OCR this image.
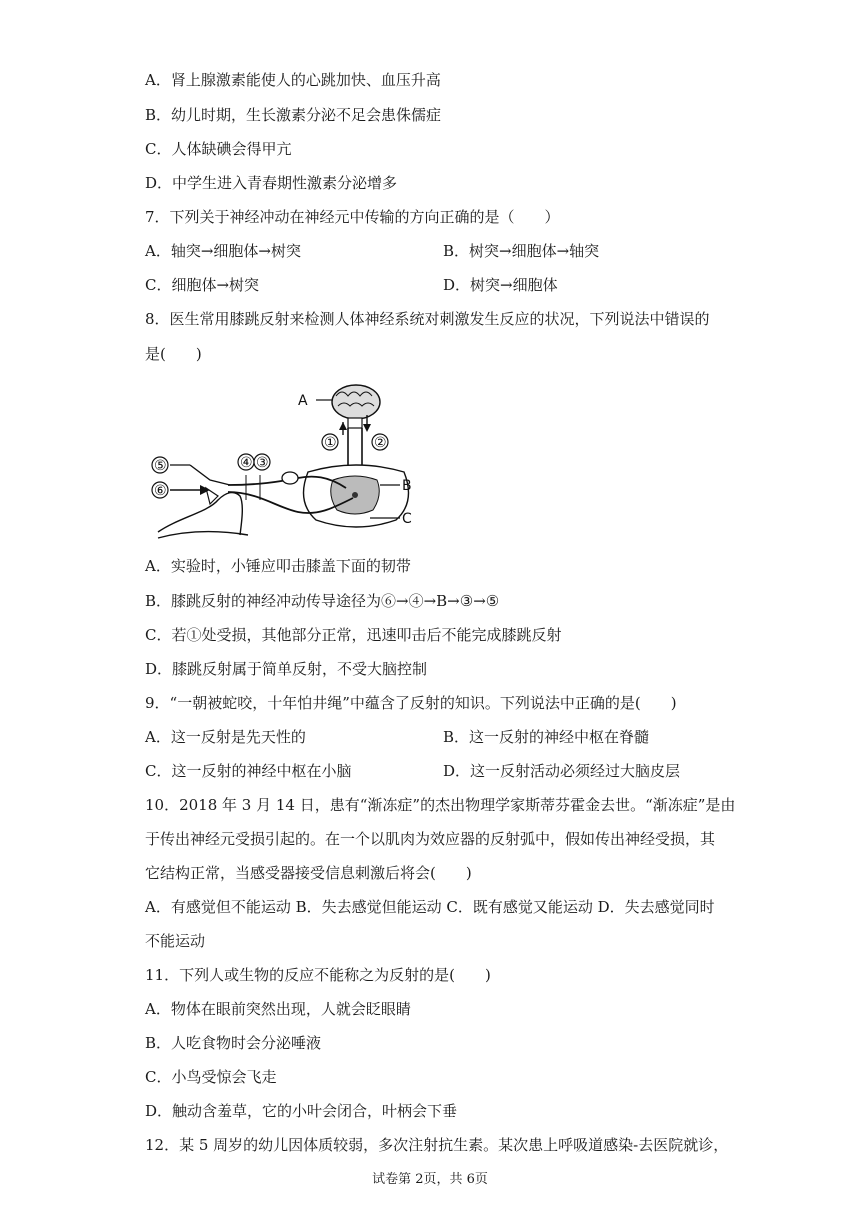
A．肾上腺激素能使人的心跳加快、血压升高
B．幼儿时期，生长激素分泌不足会患侏儒症
C．人体缺碘会得甲亢
D．中学生进入青春期性激素分泌增多
7．下列关于神经冲动在神经元中传输的方向正确的是（　　）
A．轴突→细胞体→树突	B．树突→细胞体→轴突
C．细胞体→树突	D．树突→细胞体
8．医生常用膝跳反射来检测人体神经系统对刺激发生反应的状况，下列说法中错误的
是(　　)
A
①	②
B
C
④ ③
⑤
⑥
A．实验时，小锤应叩击膝盖下面的韧带
B．膝跳反射的神经冲动传导途径为⑥→④→B→③→⑤
C．若①处受损，其他部分正常，迅速叩击后不能完成膝跳反射
D．膝跳反射属于简单反射，不受大脑控制
9．“一朝被蛇咬，十年怕井绳”中蕴含了反射的知识。下列说法中正确的是(　　)
A．这一反射是先天性的	B．这一反射的神经中枢在脊髓
C．这一反射的神经中枢在小脑	D．这一反射活动必须经过大脑皮层
10．2018 年 3 月 14 日，患有“渐冻症”的杰出物理学家斯蒂芬霍金去世。“渐冻症”是由
于传出神经元受损引起的。在一个以肌肉为效应器的反射弧中，假如传出神经受损，其
它结构正常，当感受器接受信息刺激后将会(　　)
A．有感觉但不能运动 B．失去感觉但能运动 C．既有感觉又能运动 D．失去感觉同时
不能运动
11．下列人或生物的反应不能称之为反射的是(　　)
A．物体在眼前突然出现，人就会眨眼睛
B．人吃食物时会分泌唾液
C．小鸟受惊会飞走
D．触动含羞草，它的小叶会闭合，叶柄会下垂
12．某 5 周岁的幼儿因体质较弱，多次注射抗生素。某次患上呼吸道感染-去医院就诊，
试卷第 2页，共 6页
